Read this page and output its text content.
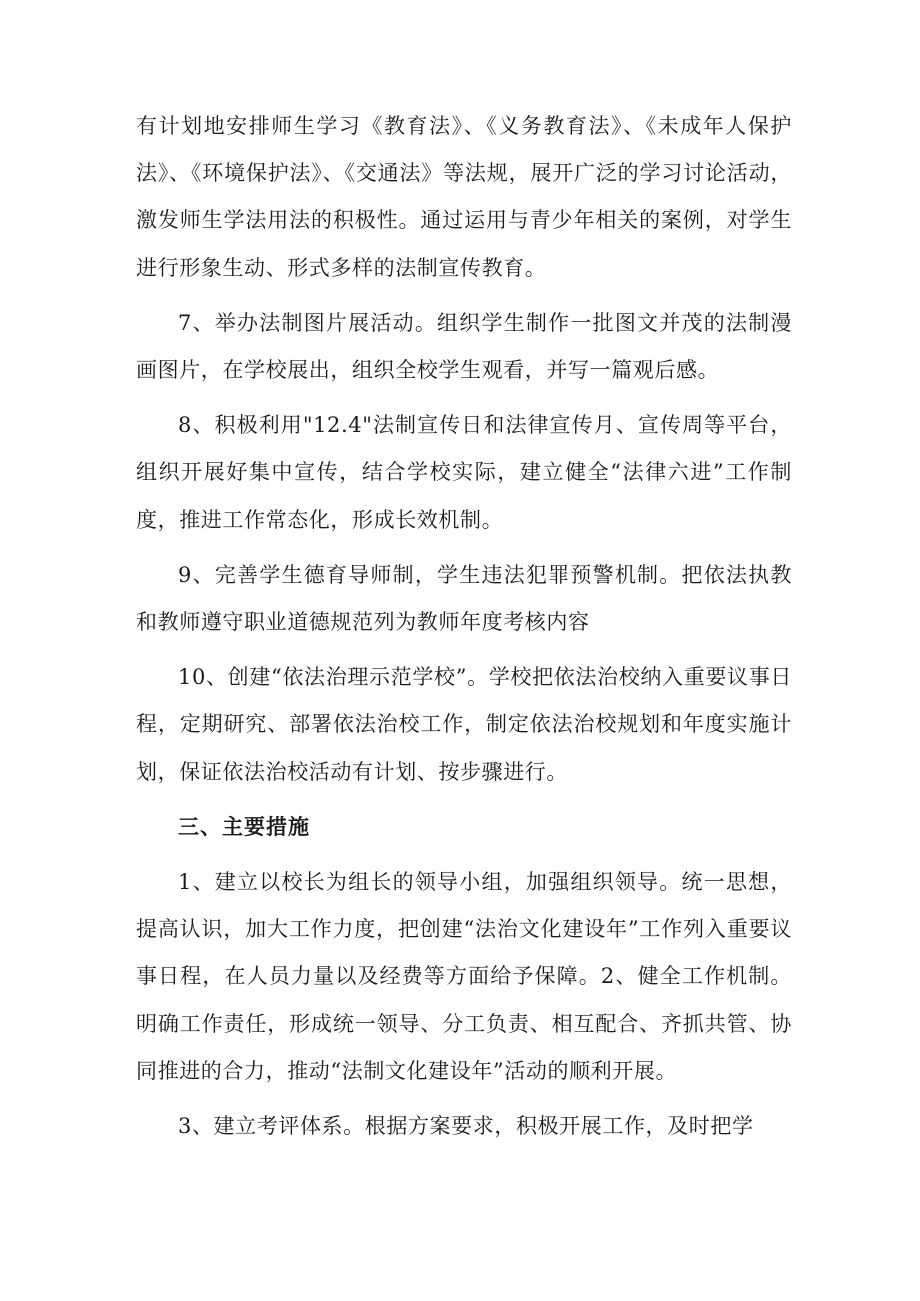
有计划地安排师生学习《教育法》、《义务教育法》、《未成年人保护法》、《环境保护法》、《交通法》等法规，展开广泛的学习讨论活动，激发师生学法用法的积极性。通过运用与青少年相关的案例，对学生进行形象生动、形式多样的法制宣传教育。

7、举办法制图片展活动。组织学生制作一批图文并茂的法制漫画图片，在学校展出，组织全校学生观看，并写一篇观后感。

8、积极利用"12.4"法制宣传日和法律宣传月、宣传周等平台，组织开展好集中宣传，结合学校实际，建立健全“法律六进”工作制度，推进工作常态化，形成长效机制。

9、完善学生德育导师制，学生违法犯罪预警机制。把依法执教和教师遵守职业道德规范列为教师年度考核内容

10、创建“依法治理示范学校”。学校把依法治校纳入重要议事日程，定期研究、部署依法治校工作，制定依法治校规划和年度实施计划，保证依法治校活动有计划、按步骤进行。

三、主要措施

1、建立以校长为组长的领导小组，加强组织领导。统一思想，提高认识，加大工作力度，把创建“法治文化建设年”工作列入重要议事日程，在人员力量以及经费等方面给予保障。2、健全工作机制。明确工作责任，形成统一领导、分工负责、相互配合、齐抓共管、协同推进的合力，推动“法制文化建设年”活动的顺利开展。

3、建立考评体系。根据方案要求，积极开展工作，及时把学
